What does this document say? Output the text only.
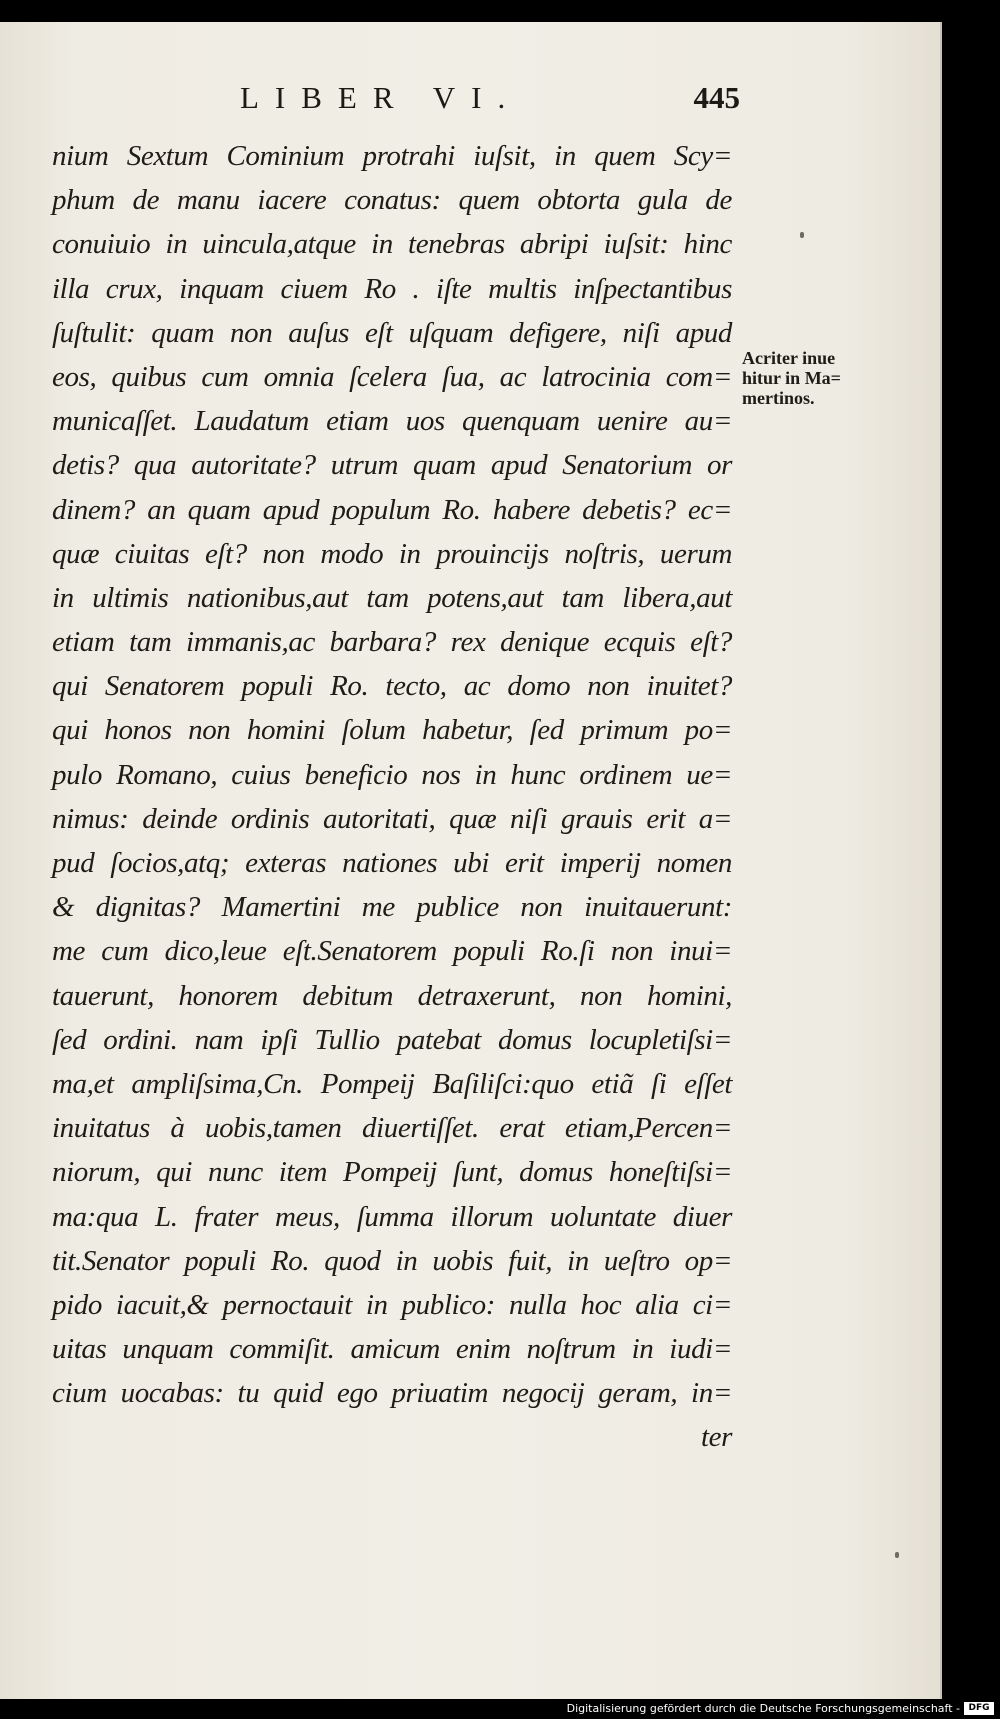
LIBER VI.	445
nium Sextum Cominium protrahi iuſsit, in quem Scy=
phum de manu iacere conatus: quem obtorta gula de
conuiuio in uincula,atque in tenebras abripi iuſsit: hinc
illa crux, inquam ciuem Ro . iſte multis inſpectantibus
ſuſtulit: quam non auſus eſt uſquam defigere, niſi apud
eos, quibus cum omnia ſcelera ſua, ac latrocinia com=
municaſſet. Laudatum etiam uos quenquam uenire au=
detis? qua autoritate? utrum quam apud Senatorium or
dinem? an quam apud populum Ro. habere debetis? ec=
quæ ciuitas eſt? non modo in prouincijs noſtris, uerum
in ultimis nationibus,aut tam potens,aut tam libera,aut
etiam tam immanis,ac barbara? rex denique ecquis eſt?
qui Senatorem populi Ro. tecto, ac domo non inuitet?
qui honos non homini ſolum habetur, ſed primum po=
pulo Romano, cuius beneficio nos in hunc ordinem ue=
nimus: deinde ordinis autoritati, quæ niſi grauis erit a=
pud ſocios,atq; exteras nationes ubi erit imperij nomen
& dignitas? Mamertini me publice non inuitauerunt:
me cum dico,leue eſt.Senatorem populi Ro.ſi non inui=
tauerunt, honorem debitum detraxerunt, non homini,
ſed ordini. nam ipſi Tullio patebat domus locupletiſsi=
ma,et ampliſsima,Cn. Pompeij Baſiliſci:quo etiã ſi eſſet
inuitatus à uobis,tamen diuertiſſet. erat etiam,Percen=
niorum, qui nunc item Pompeij ſunt, domus honeſtiſsi=
ma:qua L. frater meus, ſumma illorum uoluntate diuer
tit.Senator populi Ro. quod in uobis fuit, in ueſtro op=
pido iacuit,& pernoctauit in publico: nulla hoc alia ci=
uitas unquam commiſit. amicum enim noſtrum in iudi=
cium uocabas: tu quid ego priuatim negocij geram, in=
ter
Acriter inue
hitur in Ma=
mertinos.
Digitalisierung gefördert durch die Deutsche Forschungsgemeinschaft - DFG
